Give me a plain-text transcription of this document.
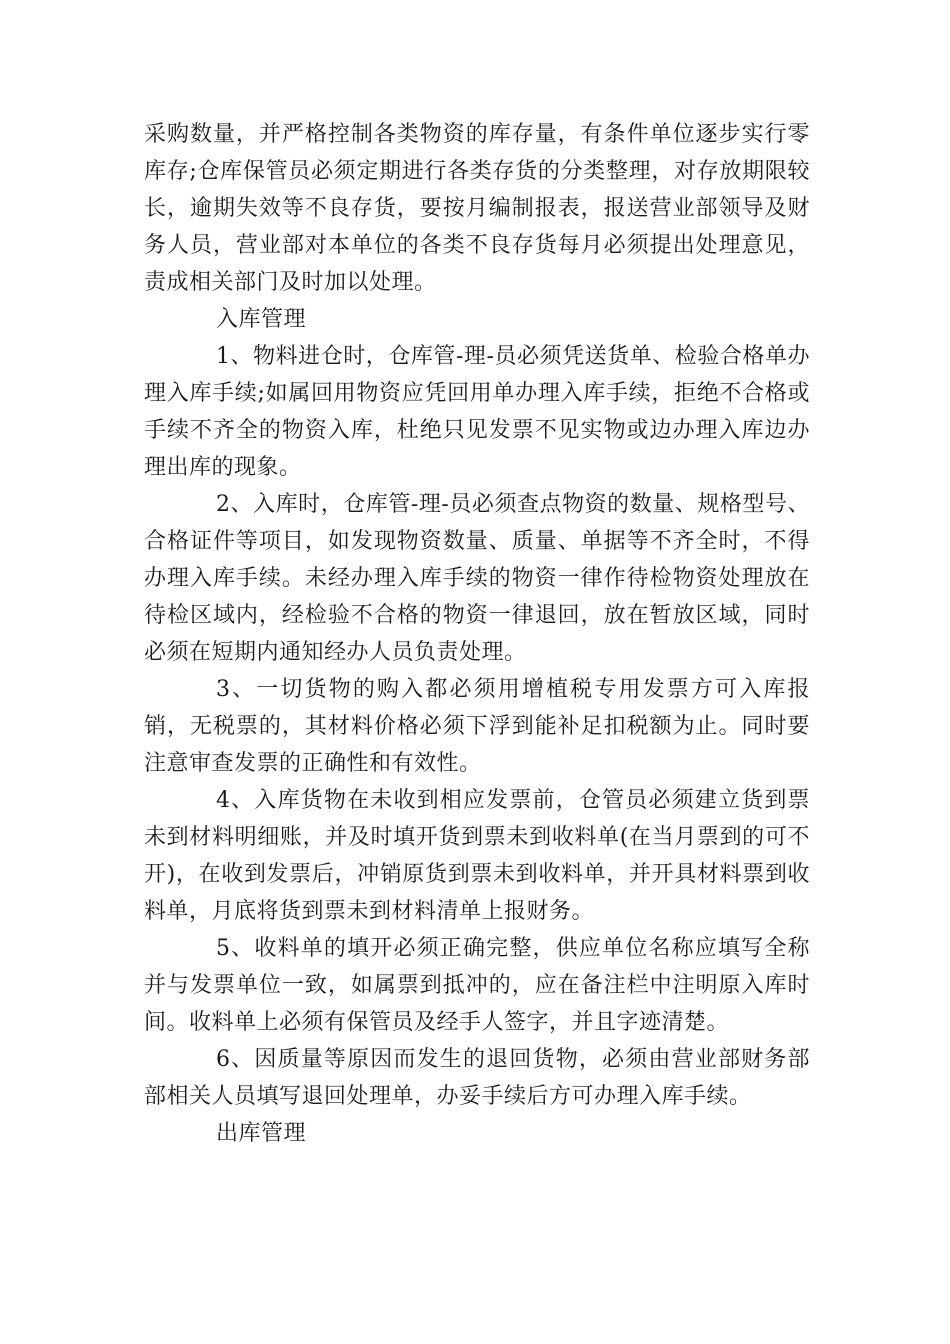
采购数量，并严格控制各类物资的库存量，有条件单位逐步实行零库存;仓库保管员必须定期进行各类存货的分类整理，对存放期限较长，逾期失效等不良存货，要按月编制报表，报送营业部领导及财务人员，营业部对本单位的各类不良存货每月必须提出处理意见，责成相关部门及时加以处理。

入库管理

1、物料进仓时，仓库管-理-员必须凭送货单、检验合格单办理入库手续;如属回用物资应凭回用单办理入库手续，拒绝不合格或手续不齐全的物资入库，杜绝只见发票不见实物或边办理入库边办理出库的现象。

2、入库时，仓库管-理-员必须查点物资的数量、规格型号、合格证件等项目，如发现物资数量、质量、单据等不齐全时，不得办理入库手续。未经办理入库手续的物资一律作待检物资处理放在待检区域内，经检验不合格的物资一律退回，放在暂放区域，同时必须在短期内通知经办人员负责处理。

3、一切货物的购入都必须用增植税专用发票方可入库报销，无税票的，其材料价格必须下浮到能补足扣税额为止。同时要注意审查发票的正确性和有效性。

4、入库货物在未收到相应发票前，仓管员必须建立货到票未到材料明细账，并及时填开货到票未到收料单(在当月票到的可不开)，在收到发票后，冲销原货到票未到收料单，并开具材料票到收料单，月底将货到票未到材料清单上报财务。

5、收料单的填开必须正确完整，供应单位名称应填写全称并与发票单位一致，如属票到抵冲的，应在备注栏中注明原入库时间。收料单上必须有保管员及经手人签字，并且字迹清楚。

6、因质量等原因而发生的退回货物，必须由营业部财务部部相关人员填写退回处理单，办妥手续后方可办理入库手续。

出库管理
